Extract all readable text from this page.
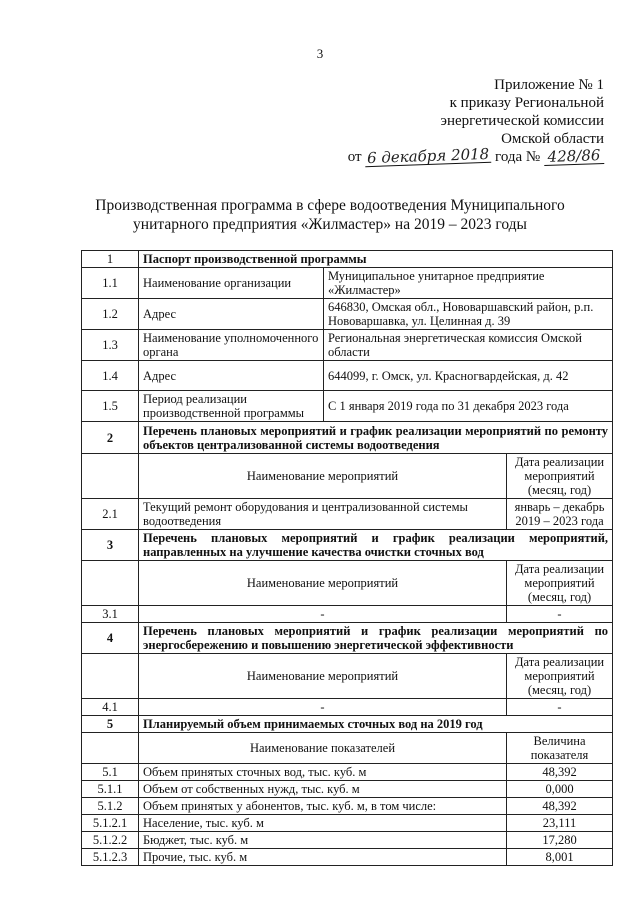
3
Приложение № 1
к приказу Региональной
энергетической комиссии
Омской области
от 6 декабря 2018 года № 428/86
Производственная программа в сфере водоотведения Муниципального
унитарного предприятия «Жилмастер» на 2019 – 2023 годы
1	Паспорт производственной программы		
1.1	Наименование организации	Муниципальное унитарное предприятие «Жилмастер»	
1.2	Адрес	646830, Омская обл., Нововаршавский район, р.п. Нововаршавка, ул. Целинная д. 39	
1.3	Наименование уполномоченного органа	Региональная энергетическая комиссия Омской области	
1.4	Адрес	644099, г. Омск, ул. Красногвардейская, д. 42	
1.5	Период реализации производственной программы	С 1 января 2019 года по 31 декабря 2023 года	
2	Перечень плановых мероприятий и график реализации мероприятий по ремонту объектов централизованной системы водоотведения		
	Наименование мероприятий		Дата реализации мероприятий (месяц, год)
2.1	Текущий ремонт оборудования и централизованной системы водоотведения		январь – декабрь 2019 – 2023 года
3	Перечень плановых мероприятий и график реализации мероприятий, направленных на улучшение качества очистки сточных вод		
	Наименование мероприятий		Дата реализации мероприятий (месяц, год)
3.1	-		-
4	Перечень плановых мероприятий и график реализации мероприятий по энергосбережению и повышению энергетической эффективности		
	Наименование мероприятий		Дата реализации мероприятий (месяц, год)
4.1	-		-
5	Планируемый объем принимаемых сточных вод на 2019 год		
	Наименование показателей		Величина показателя
5.1	Объем принятых сточных вод, тыс. куб. м		48,392
5.1.1	Объем от собственных нужд, тыс. куб. м		0,000
5.1.2	Объем принятых у абонентов, тыс. куб. м, в том числе:		48,392
5.1.2.1	Население, тыс. куб. м		23,111
5.1.2.2	Бюджет, тыс. куб. м		17,280
5.1.2.3	Прочие, тыс. куб. м		8,001
